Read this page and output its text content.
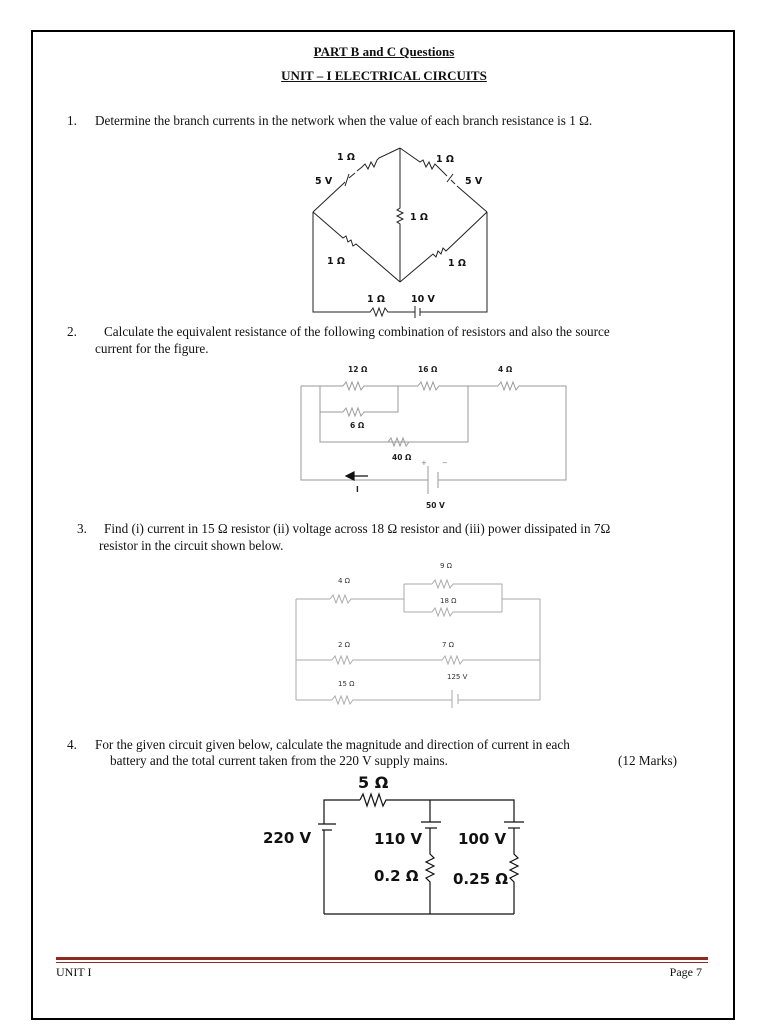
PART B and C Questions
UNIT – I ELECTRICAL CIRCUITS
1. Determine the branch currents in the network when the value of each branch resistance is 1 Ω.
1 Ω	1 Ω
5 V	5 V
1 Ω
1 Ω	1 Ω
1 Ω	10 V
2. Calculate the equivalent resistance of the following combination of resistors and also the source
current for the figure.
12 Ω	16 Ω	4 Ω
6 Ω
40 Ω
I
50 V
+ −
3. Find (i) current in 15 Ω resistor (ii) voltage across 18 Ω resistor and (iii) power dissipated in 7Ω
resistor in the circuit shown below.
9 Ω
4 Ω
18 Ω
2 Ω	7 Ω
125 V
15 Ω
4. For the given circuit given below, calculate the magnitude and direction of current in each
battery and the total current taken from the 220 V supply mains.	(12 Marks)
5 Ω
220 V	110 V 100 V
0.2 Ω 0.25 Ω
UNIT I	Page 7
